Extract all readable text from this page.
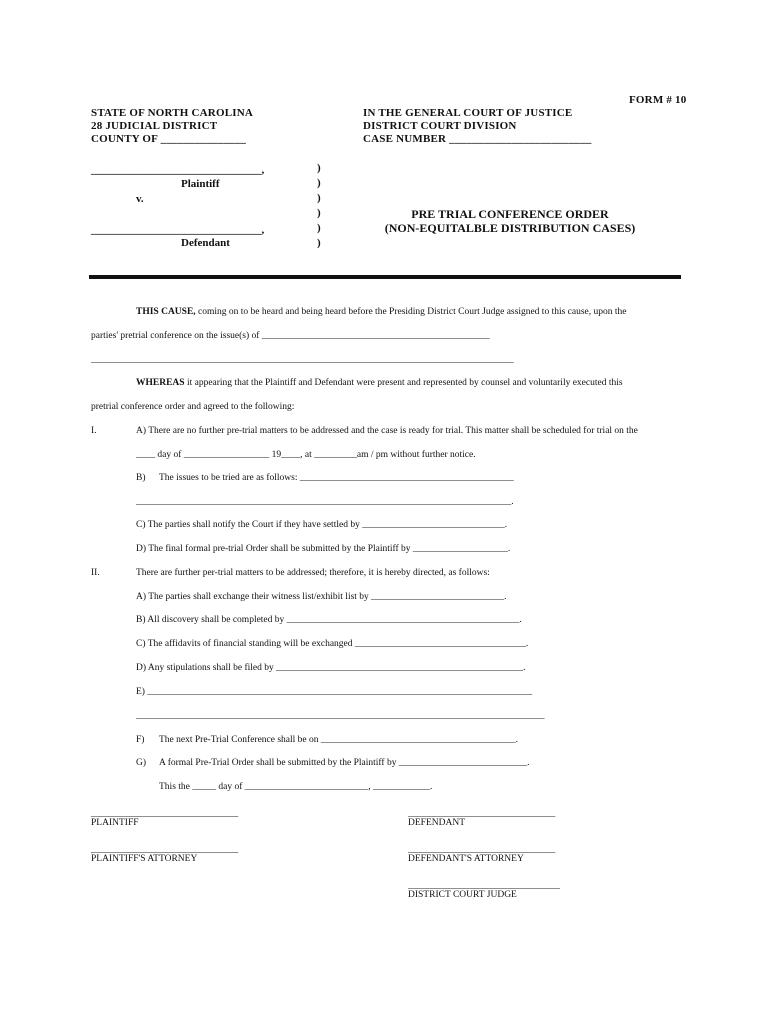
FORM # 10
STATE OF NORTH CAROLINA
28 JUDICIAL DISTRICT
COUNTY OF _______________
IN THE GENERAL COURT OF JUSTICE
DISTRICT COURT DIVISION
CASE NUMBER _________________________
_______________________________,
Plaintiff
v.
_______________________________,
Defendant
)
)
)
)
)
)
PRE TRIAL CONFERENCE ORDER
(NON-EQUITALBLE DISTRIBUTION CASES)
THIS CAUSE, coming on to be heard and being heard before the Presiding District Court Judge assigned to this cause, upon the
parties' pretrial conference on the issue(s) of ________________________________________________
_________________________________________________________________________________________
WHEREAS it appearing that the Plaintiff and Defendant were present and represented by counsel and voluntarily executed this
pretrial conference order and agreed to the following:
I.	A) There are no further pre-trial matters to be addressed and the case is ready for trial. This matter shall be scheduled for trial on the
____ day of __________________ 19____, at _________am / pm without further notice.
B) The issues to be tried are as follows: _____________________________________________
_______________________________________________________________________________.
C) The parties shall notify the Court if they have settled by ______________________________.
D) The final formal pre-trial Order shall be submitted by the Plaintiff by ____________________.
II.	There are further per-trial matters to be addressed; therefore, it is hereby directed, as follows:
A) The parties shall exchange their witness list/exhibit list by ____________________________.
B) All discovery shall be completed by _________________________________________________.
C) The affidavits of financial standing will be exchanged ____________________________________.
D) Any stipulations shall be filed by ____________________________________________________.
E) _________________________________________________________________________________
______________________________________________________________________________________
F) The next Pre-Trial Conference shall be on _________________________________________.
G) A formal Pre-Trial Order shall be submitted by the Plaintiff by ___________________________.
This the _____ day of __________________________, ____________.
_______________________________
PLAINTIFF
_______________________________
DEFENDANT
_______________________________
PLAINTIFF'S ATTORNEY
_______________________________
DEFENDANT'S ATTORNEY
________________________________
DISTRICT COURT JUDGE
